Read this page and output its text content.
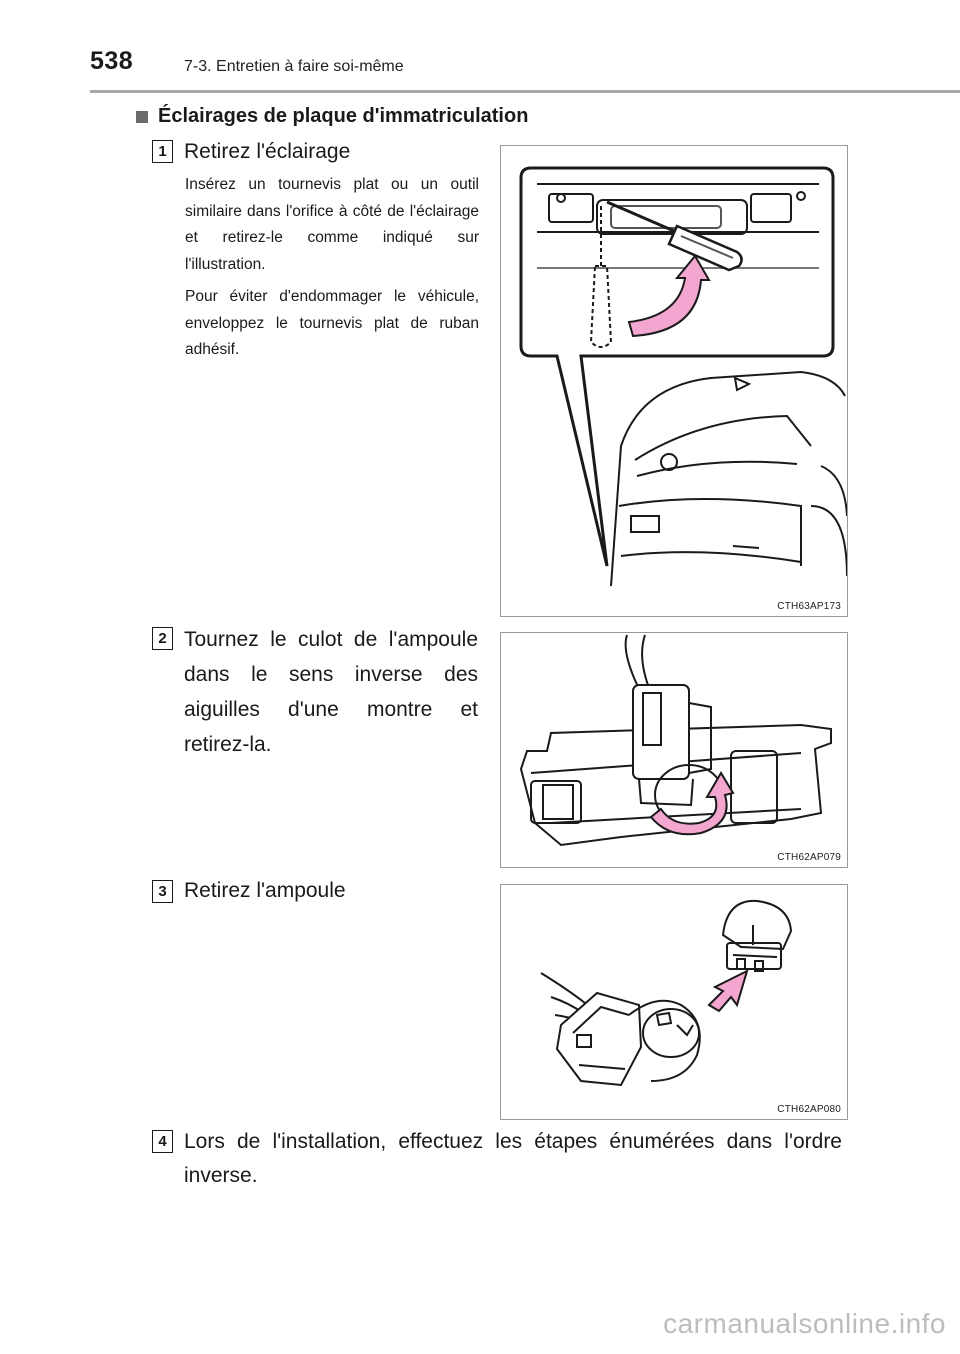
538	7-3. Entretien à faire soi-même
Éclairages de plaque d'immatriculation
1 Retirez l'éclairage

Insérez un tournevis plat ou un outil similaire dans l'orifice à côté de l'éclairage et retirez-le comme indiqué sur l'illustration.

Pour éviter d'endommager le véhicule, enveloppez le tournevis plat de ruban adhésif.

CTH63AP173
2 Tournez le culot de l'ampoule dans le sens inverse des aiguilles d'une montre et retirez-la.
CTH62AP079
3 Retirez l'ampoule
CTH62AP080
4 Lors de l'installation, effectuez les étapes énumérées dans l'ordre inverse.
carmanualsonline.info
